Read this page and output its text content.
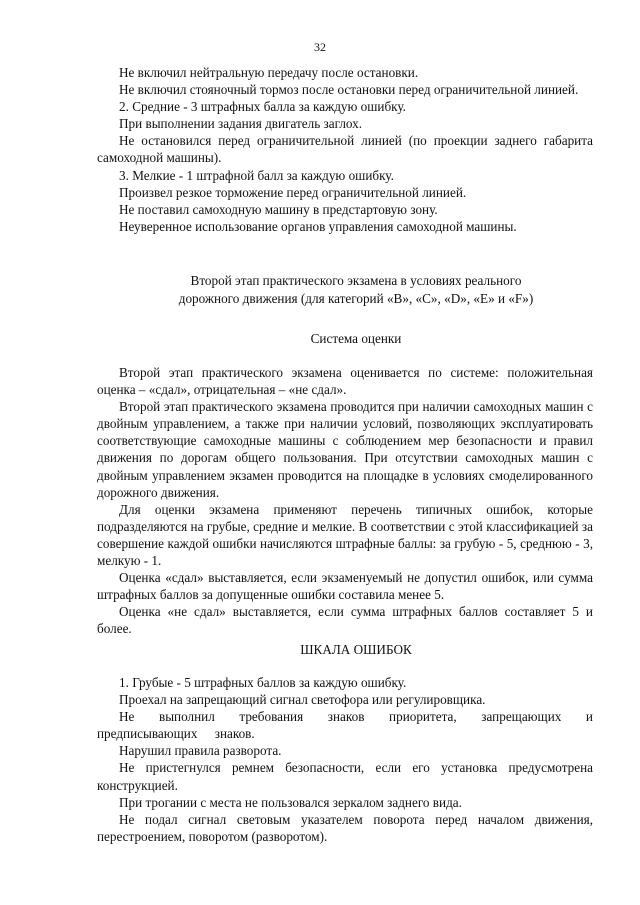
32

Не включил нейтральную передачу после остановки.

Не включил стояночный тормоз после остановки перед ограничительной линией.

2. Средние - 3 штрафных балла за каждую ошибку.

При выполнении задания двигатель заглох.

Не остановился перед ограничительной линией (по проекции заднего габарита самоходной машины).

3. Мелкие - 1 штрафной балл за каждую ошибку.

Произвел резкое торможение перед ограничительной линией.

Не поставил самоходную машину в предстартовую зону.

Неуверенное использование органов управления самоходной машины.

Второй этап практического экзамена в условиях реального
дорожного движения (для категорий «B», «C», «D», «E» и «F»)
Система оценки

Второй этап практического экзамена оценивается по системе: положительная оценка – «сдал», отрицательная – «не сдал».

Второй этап практического экзамена проводится при наличии самоходных машин с двойным управлением, а также при наличии условий, позволяющих эксплуатировать соответствующие самоходные машины с соблюдением мер безопасности и правил движения по дорогам общего пользования. При отсутствии самоходных машин с двойным управлением экзамен проводится на площадке в условиях смоделированного дорожного движения.

Для оценки экзамена применяют перечень типичных ошибок, которые подразделяются на грубые, средние и мелкие. В соответствии с этой классификацией за совершение каждой ошибки начисляются штрафные баллы: за грубую - 5, среднюю - 3, мелкую - 1.

Оценка «сдал» выставляется, если экзаменуемый не допустил ошибок, или сумма штрафных баллов за допущенные ошибки составила менее 5.

Оценка «не сдал» выставляется, если сумма штрафных баллов составляет 5 и более.

ШКАЛА ОШИБОК

1. Грубые - 5 штрафных баллов за каждую ошибку.

Проехал на запрещающий сигнал светофора или регулировщика.

Не выполнил требования знаков приоритета, запрещающих и предписывающих знаков.

Нарушил правила разворота.

Не пристегнулся ремнем безопасности, если его установка предусмотрена конструкцией.

При трогании с места не пользовался зеркалом заднего вида.

Не подал сигнал световым указателем поворота перед началом движения, перестроением, поворотом (разворотом).
